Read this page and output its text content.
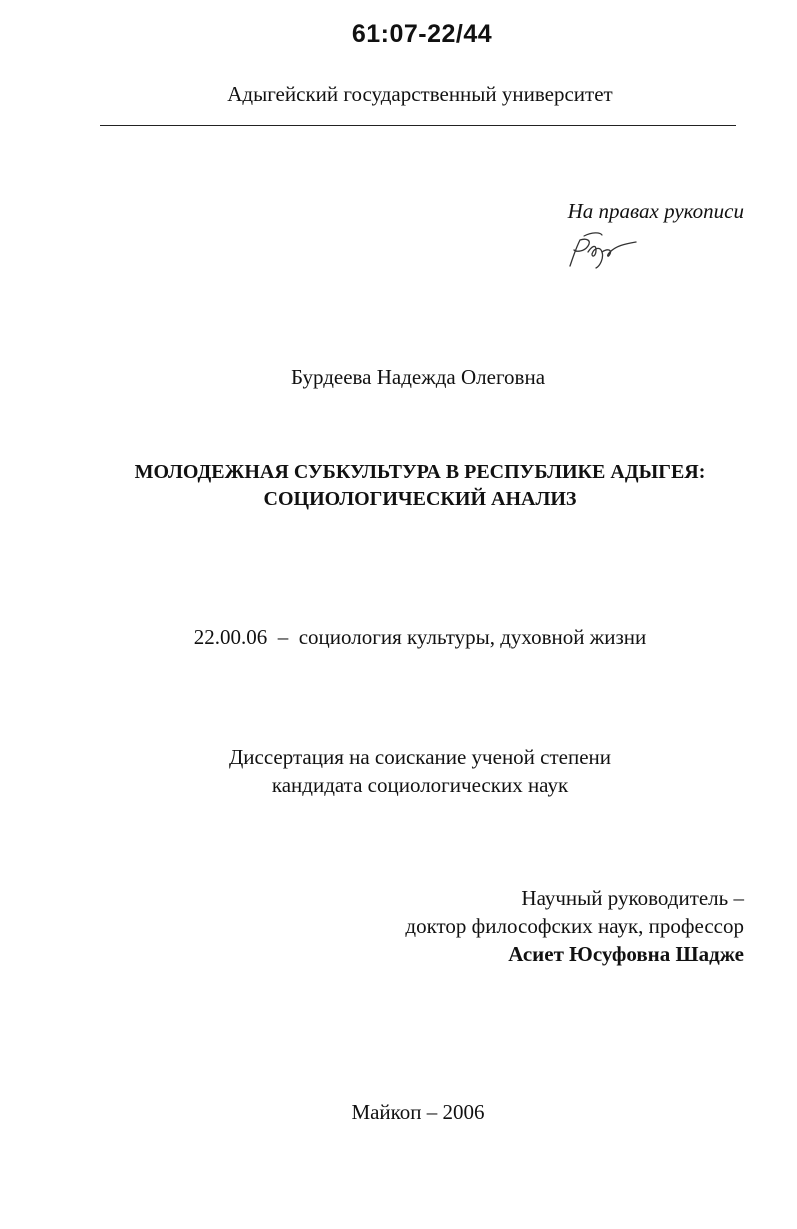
61:07-22/44
Адыгейский государственный университет
На правах рукописи
Бурдеева Надежда Олеговна
МОЛОДЕЖНАЯ СУБКУЛЬТУРА В РЕСПУБЛИКЕ АДЫГЕЯ:
СОЦИОЛОГИЧЕСКИЙ АНАЛИЗ
22.00.06  –  социология культуры, духовной жизни
Диссертация на соискание ученой степени
кандидата социологических наук
Научный руководитель –
доктор философских наук, профессор
Асиет Юсуфовна Шадже
Майкоп – 2006
